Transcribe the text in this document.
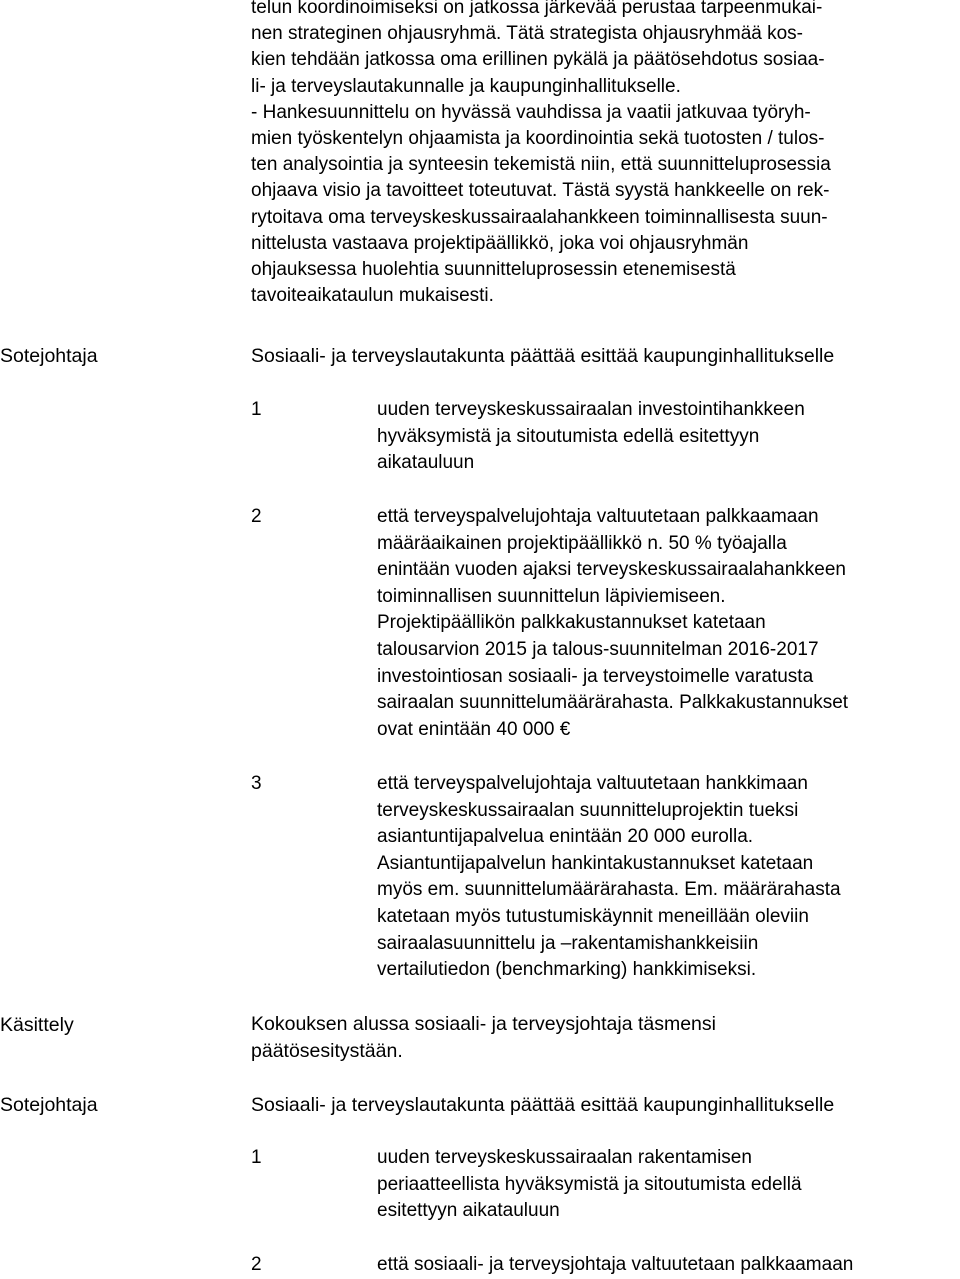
telun koordinoimiseksi on jatkossa järkevää perustaa tarpeenmukai-
nen strateginen ohjausryhmä. Tätä strategista ohjausryhmää kos-
kien tehdään jatkossa oma erillinen pykälä ja päätösehdotus sosiaa-
li- ja terveyslautakunnalle ja kaupunginhallitukselle.
- Hankesuunnittelu on hyvässä vauhdissa ja vaatii jatkuvaa työryh-
mien työskentelyn ohjaamista ja koordinointia sekä tuotosten / tulos-
ten analysointia ja synteesin tekemistä niin, että suunnitteluprosessia
ohjaava visio ja tavoitteet toteutuvat. Tästä syystä hankkeelle on rek-
rytoitava oma terveyskeskussairaalahankkeen toiminnallisesta suun-
nittelusta vastaava projektipäällikkö, joka voi ohjausryhmän
ohjauksessa huolehtia suunnitteluprosessin etenemisestä
tavoiteaikataulun mukaisesti.
Sotejohtaja	Sosiaali- ja terveyslautakunta päättää esittää kaupunginhallitukselle
1	uuden terveyskeskussairaalan investointihankkeen
hyväksymistä ja sitoutumista edellä esitettyyn
aikatauluun
2	että terveyspalvelujohtaja valtuutetaan palkkaamaan
määräaikainen projektipäällikkö n. 50 % työajalla
enintään vuoden ajaksi terveyskeskussairaalahankkeen
toiminnallisen suunnittelun läpiviemiseen.
Projektipäällikön palkkakustannukset katetaan
talousarvion 2015 ja talous-suunnitelman 2016-2017
investointiosan sosiaali- ja terveystoimelle varatusta
sairaalan suunnittelumäärärahasta. Palkkakustannukset
ovat enintään 40 000 €
3	että terveyspalvelujohtaja valtuutetaan hankkimaan
terveyskeskussairaalan suunnitteluprojektin tueksi
asiantuntijapalvelua enintään 20 000 eurolla.
Asiantuntijapalvelun hankintakustannukset katetaan
myös em. suunnittelumäärärahasta. Em. määrärahasta
katetaan myös tutustumiskäynnit meneillään oleviin
sairaalasuunnittelu ja –rakentamishankkeisiin
vertailutiedon (benchmarking) hankkimiseksi.
Käsittely	Kokouksen alussa sosiaali- ja terveysjohtaja täsmensi
päätösesitystään.
Sotejohtaja	Sosiaali- ja terveyslautakunta päättää esittää kaupunginhallitukselle
1	uuden terveyskeskussairaalan rakentamisen
periaatteellista hyväksymistä ja sitoutumista edellä
esitettyyn aikatauluun
2	että sosiaali- ja terveysjohtaja valtuutetaan palkkaamaan
